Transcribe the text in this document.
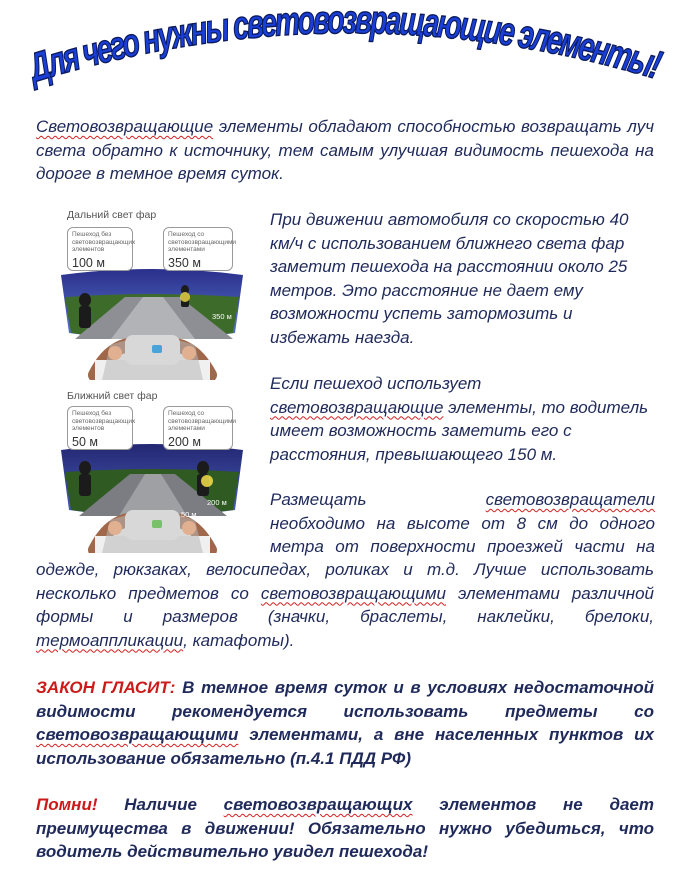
ля чего нужны световозвращающие элементы!

Световозвращающие элементы обладают способностью возвращать луч света обратно к источнику, тем самым улучшая видимость пешехода на дороге в темное время суток.

Дальний свет фар
Пешеход без световозвращающих элементов
100 м
Пешеход со световозвращающими элементами
350 м
350 м
100 м
Ближний свет фар
Пешеход без световозвращающих элементов
50 м
Пешеход со световозвращающими элементами
200 м
200 м
50 м

При движении автомобиля со скоростью 40 км/ч с использованием ближнего света фар заметит пешехода на расстоянии около 25 метров. Это расстояние не дает ему возможности успеть затормозить и избежать наезда.

Если пешеход использует световозвращающие элементы, то водитель имеет возможность заметить его с расстояния, превышающего 150 м.

Размещать	световозвращатели
необходимо на высоте от 8 см до одного
метра от поверхности проезжей части на

одежде, рюкзаках, велосипедах, роликах и т.д. Лучше использовать несколько предметов со световозвращающими элементами различной формы и размеров (значки, браслеты, наклейки, брелоки, термоаппликации, катафоты).

ЗАКОН ГЛАСИТ: В темное время суток и в условиях недостаточной видимости рекомендуется использовать предметы со световозвращающими элементами, а вне населенных пунктов их использование обязательно (п.4.1 ПДД РФ)

Помни! Наличие световозвращающих элементов не дает преимущества в движении! Обязательно нужно убедиться, что водитель действительно увидел пешехода!
